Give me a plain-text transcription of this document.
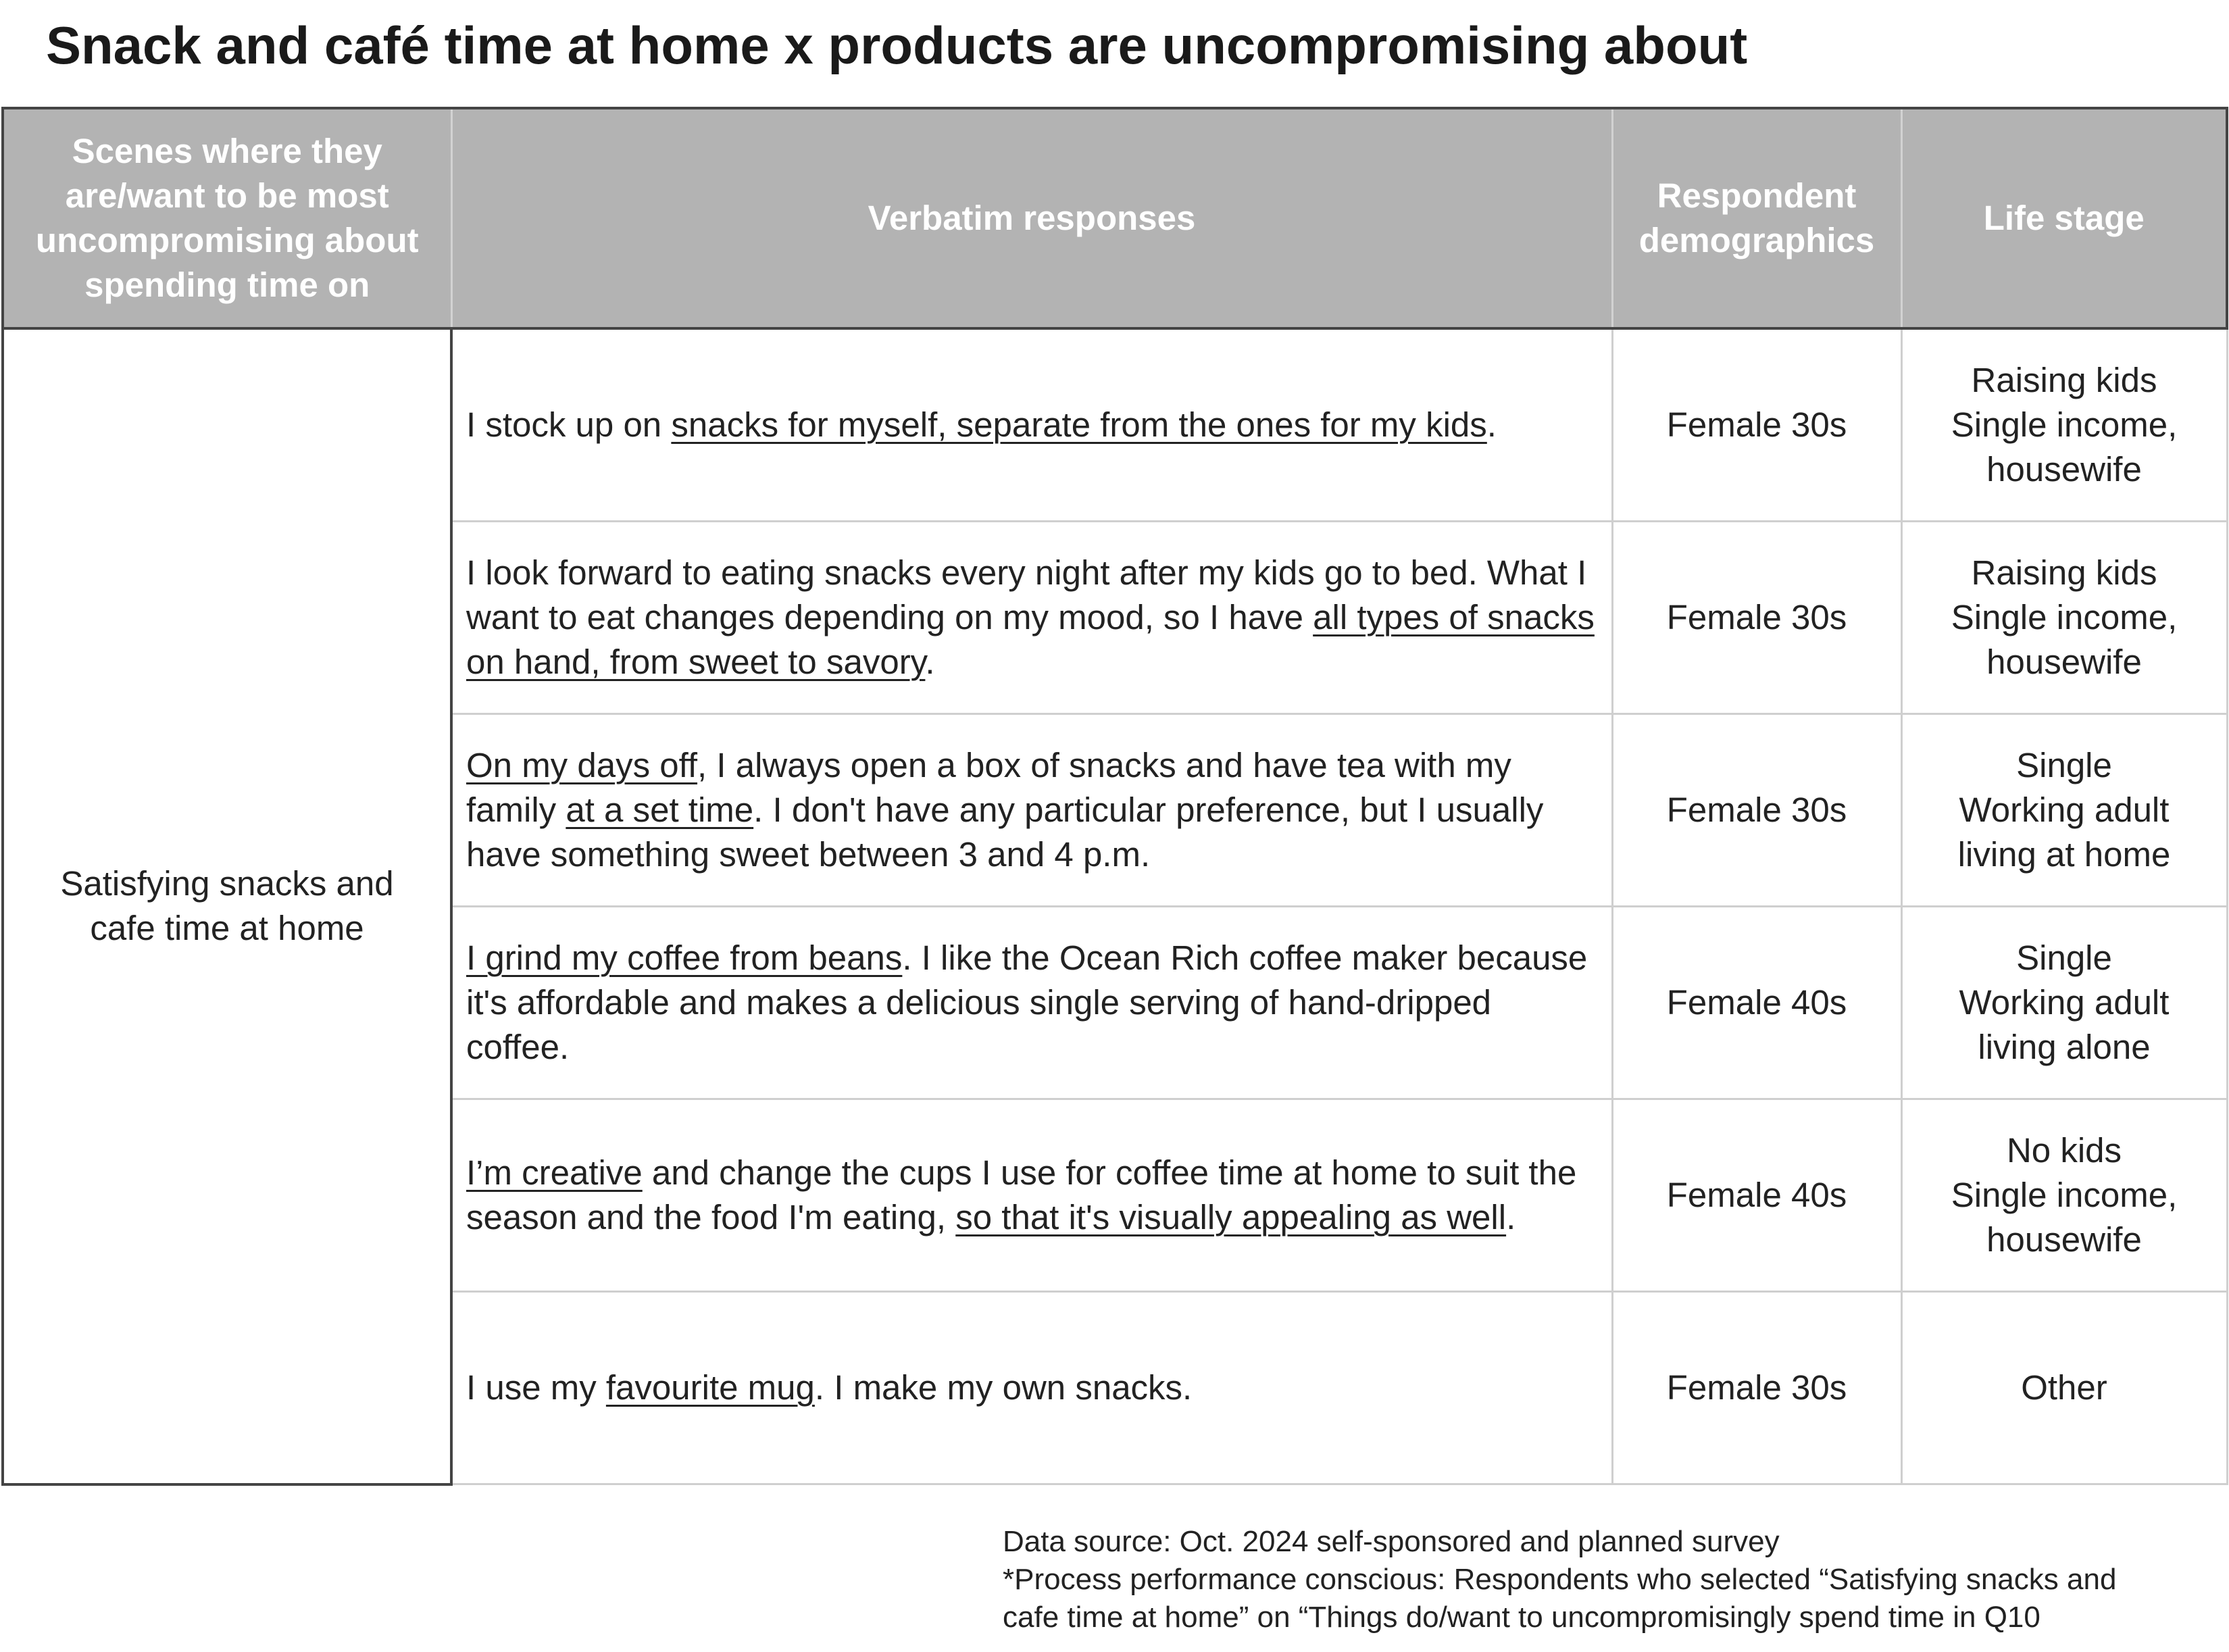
Snack and café time at home x products are uncompromising about
Scenes where they are/want to be most uncompromising about spending time on	Verbatim responses	Respondent demographics	Life stage
Satisfying snacks and cafe time at home	I stock up on snacks for myself, separate from the ones for my kids.	Female 30s	Raising kids
Single income,
housewife

	I look forward to eating snacks every night after my kids go to bed. What I want to eat changes depending on my mood, so I have all types of snacks on hand, from sweet to savory.	Female 30s	Raising kids
Single income,
housewife

	On my days off, I always open a box of snacks and have tea with my family at a set time. I don't have any particular preference, but I usually have something sweet between 3 and 4 p.m.	Female 30s	Single
Working adult
living at home

	I grind my coffee from beans. I like the Ocean Rich coffee maker because it's affordable and makes a delicious single serving of hand-dripped coffee.	Female 40s	Single
Working adult
living alone

	I’m creative and change the cups I use for coffee time at home to suit the season and the food I'm eating, so that it's visually appealing as well.	Female 40s	No kids
Single income,
housewife

	I use my favourite mug. I make my own snacks.	Female 30s	Other
Data source: Oct. 2024 self-sponsored and planned survey
*Process performance conscious: Respondents who selected “Satisfying snacks and
cafe time at home” on “Things do/want to uncompromisingly spend time in Q10
